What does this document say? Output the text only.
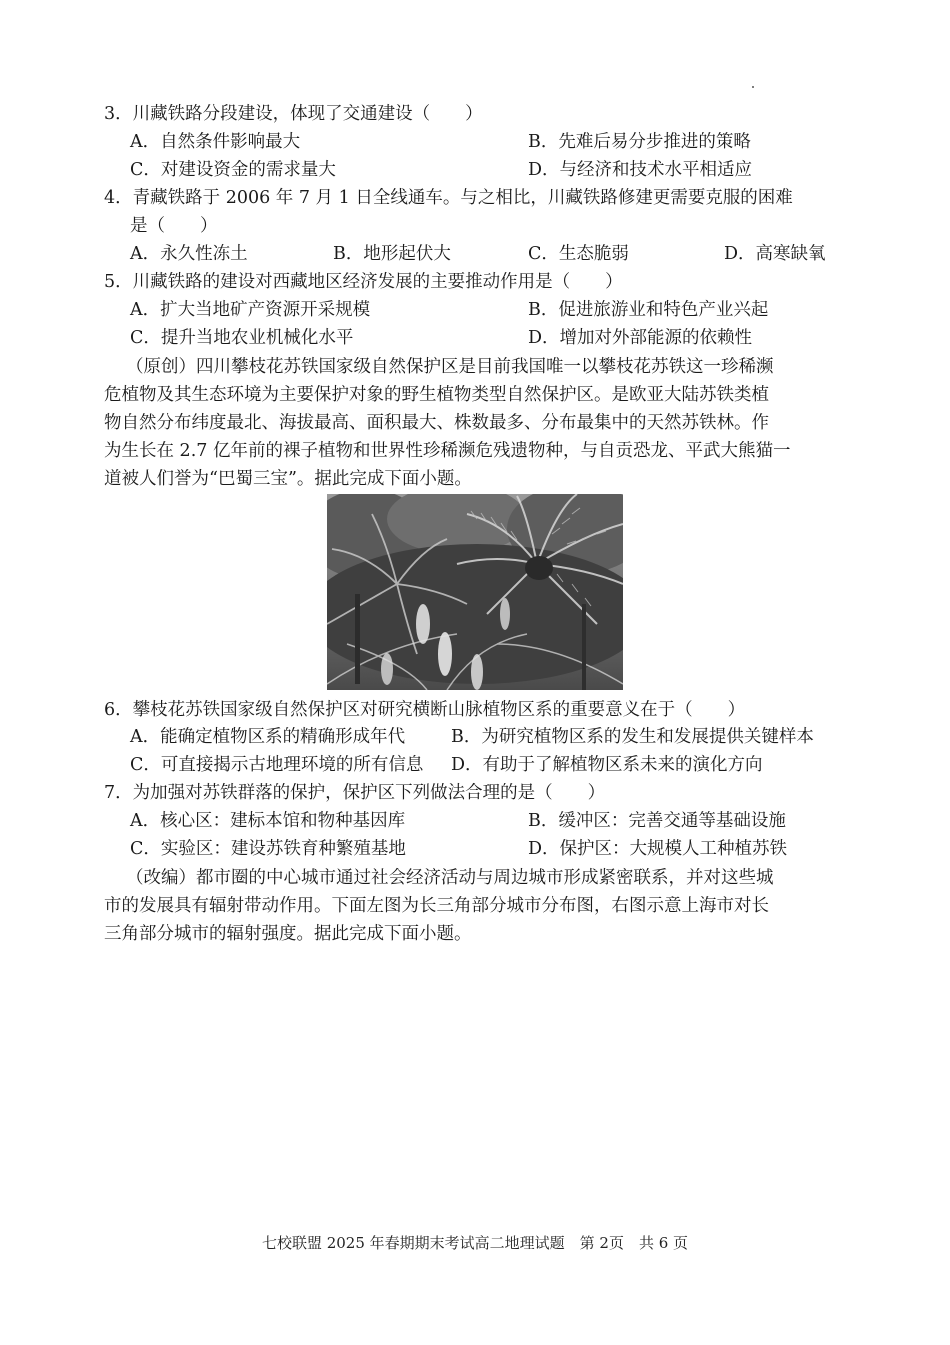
3．川藏铁路分段建设，体现了交通建设（　　）
A．自然条件影响最大	B．先难后易分步推进的策略
C．对建设资金的需求量大	D．与经济和技术水平相适应
4．青藏铁路于 2006 年 7 月 1 日全线通车。与之相比，川藏铁路修建更需要克服的困难
是（　　）
A．永久性冻土	B．地形起伏大	C．生态脆弱	D．高寒缺氧
5．川藏铁路的建设对西藏地区经济发展的主要推动作用是（　　）
A．扩大当地矿产资源开采规模	B．促进旅游业和特色产业兴起
C．提升当地农业机械化水平	D．增加对外部能源的依赖性
（原创）四川攀枝花苏铁国家级自然保护区是目前我国唯一以攀枝花苏铁这一珍稀濒
危植物及其生态环境为主要保护对象的野生植物类型自然保护区。是欧亚大陆苏铁类植
物自然分布纬度最北、海拔最高、面积最大、株数最多、分布最集中的天然苏铁林。作
为生长在 2.7 亿年前的裸子植物和世界性珍稀濒危残遗物种，与自贡恐龙、平武大熊猫一
道被人们誉为“巴蜀三宝”。据此完成下面小题。
6．攀枝花苏铁国家级自然保护区对研究横断山脉植物区系的重要意义在于（　　）
A．能确定植物区系的精确形成年代	B．为研究植物区系的发生和发展提供关键样本
C．可直接揭示古地理环境的所有信息 D．有助于了解植物区系未来的演化方向
7．为加强对苏铁群落的保护，保护区下列做法合理的是（　　）
A．核心区：建标本馆和物种基因库	B．缓冲区：完善交通等基础设施
C．实验区：建设苏铁育种繁殖基地	D．保护区：大规模人工种植苏铁
（改编）都市圈的中心城市通过社会经济活动与周边城市形成紧密联系，并对这些城
市的发展具有辐射带动作用。下面左图为长三角部分城市分布图，右图示意上海市对长
三角部分城市的辐射强度。据此完成下面小题。
七校联盟 2025 年春期期末考试高二地理试题　第 2页　共 6 页
